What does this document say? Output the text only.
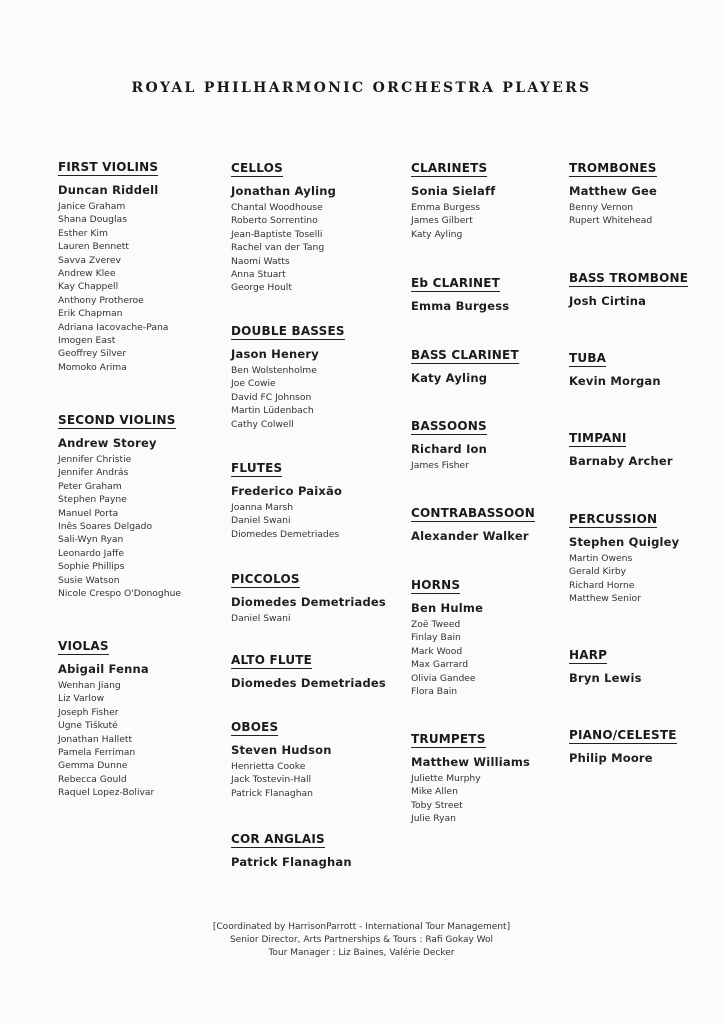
ROYAL PHILHARMONIC ORCHESTRA PLAYERS
FIRST VIOLINS
Duncan Riddell
Janice Graham
Shana Douglas
Esther Kim
Lauren Bennett
Savva Zverev
Andrew Klee
Kay Chappell
Anthony Protheroe
Erik Chapman
Adriana Iacovache-Pana
Imogen East
Geoffrey Silver
Momoko Arima
SECOND VIOLINS
Andrew Storey
Jennifer Christie
Jennifer András
Peter Graham
Stephen Payne
Manuel Porta
Inês Soares Delgado
Sali-Wyn Ryan
Leonardo Jaffe
Sophie Phillips
Susie Watson
Nicole Crespo O'Donoghue
VIOLAS
Abigail Fenna
Wenhan Jiang
Liz Varlow
Joseph Fisher
Ugne Tiškuté
Jonathan Hallett
Pamela Ferriman
Gemma Dunne
Rebecca Gould
Raquel Lopez-Bolivar
CELLOS
Jonathan Ayling
Chantal Woodhouse
Roberto Sorrentino
Jean-Baptiste Toselli
Rachel van der Tang
Naomi Watts
Anna Stuart
George Hoult
DOUBLE BASSES
Jason Henery
Ben Wolstenholme
Joe Cowie
David FC Johnson
Martin Lüdenbach
Cathy Colwell
FLUTES
Frederico Paixão
Joanna Marsh
Daniel Swani
Diomedes Demetriades
PICCOLOS
Diomedes Demetriades
Daniel Swani
ALTO FLUTE
Diomedes Demetriades
OBOES
Steven Hudson
Henrietta Cooke
Jack Tostevin-Hall
Patrick Flanaghan
COR ANGLAIS
Patrick Flanaghan
CLARINETS
Sonia Sielaff
Emma Burgess
James Gilbert
Katy Ayling
Eb CLARINET
Emma Burgess
BASS CLARINET
Katy Ayling
BASSOONS
Richard Ion
James Fisher
CONTRABASSOON
Alexander Walker
HORNS
Ben Hulme
Zoë Tweed
Finlay Bain
Mark Wood
Max Garrard
Olivia Gandee
Flora Bain
TRUMPETS
Matthew Williams
Juliette Murphy
Mike Allen
Toby Street
Julie Ryan
TROMBONES
Matthew Gee
Benny Vernon
Rupert Whitehead
BASS TROMBONE
Josh Cirtina
TUBA
Kevin Morgan
TIMPANI
Barnaby Archer
PERCUSSION
Stephen Quigley
Martin Owens
Gerald Kirby
Richard Horne
Matthew Senior
HARP
Bryn Lewis
PIANO/CELESTE
Philip Moore
[Coordinated by HarrisonParrott - International Tour Management]
Senior Director, Arts Partnerships & Tours : Rafi Gokay Wol
Tour Manager : Liz Baines, Valérie Decker
